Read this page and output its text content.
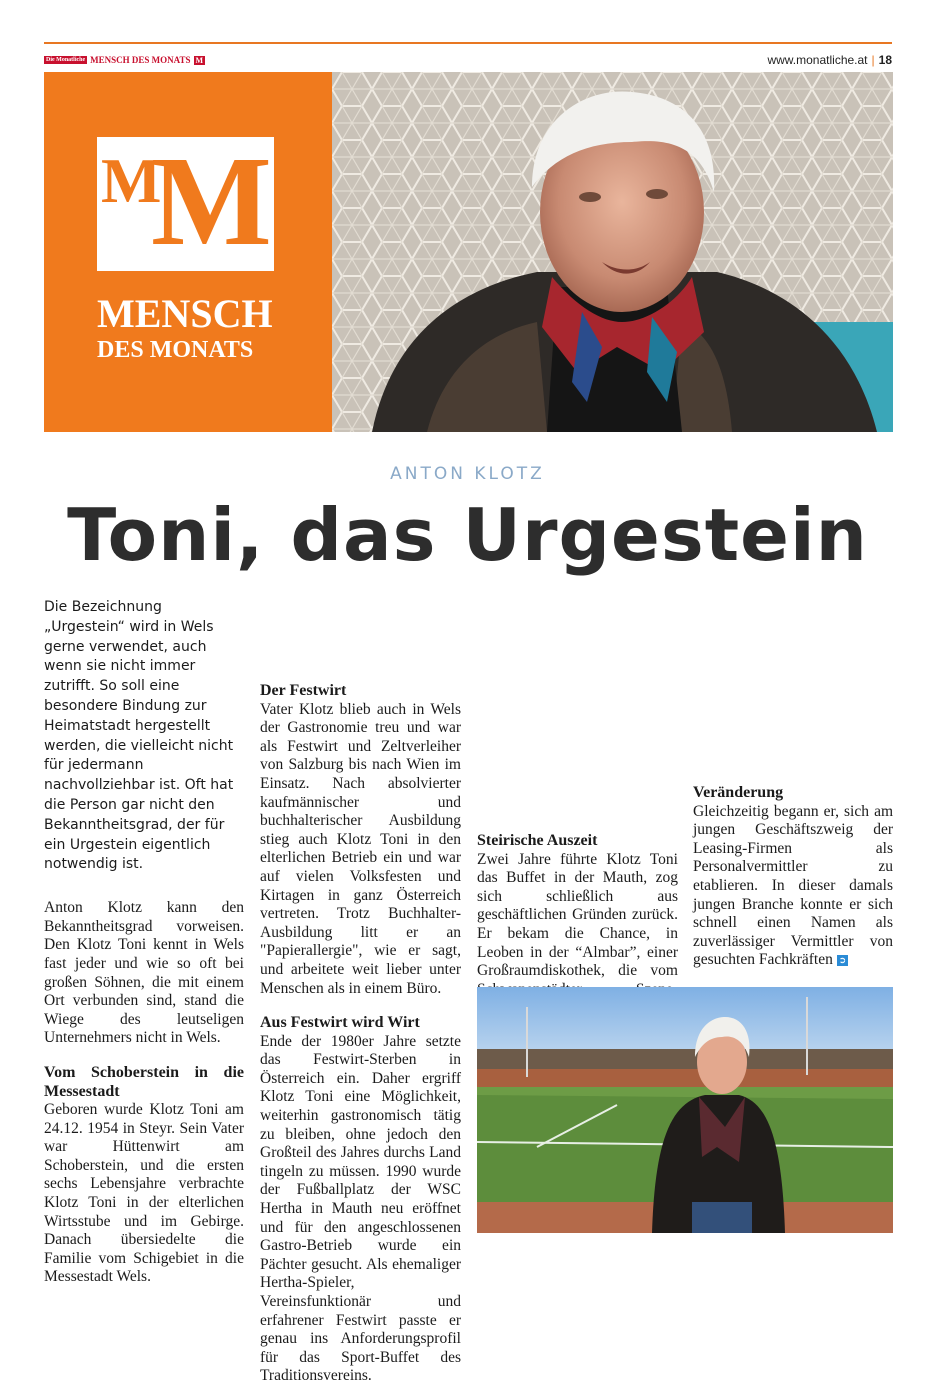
Die Monatliche MENSCH DES MONATS M	www.monatliche.at | 18
M
M
MENSCH
DES MONATS
ANTON KLOTZ
Toni, das Urgestein

Die Bezeichnung „Urgestein“ wird in Wels gerne verwendet, auch wenn sie nicht immer zutrifft. So soll eine besondere Bindung zur Heimatstadt hergestellt werden, die vielleicht nicht für jedermann nachvollziehbar ist. Oft hat die Person gar nicht den Bekanntheitsgrad, der für ein Urgestein eigentlich notwendig ist.

Anton Klotz kann den Bekanntheitsgrad vorweisen. Den Klotz Toni kennt in Wels fast jeder und wie so oft bei großen Söhnen, die mit einem Ort verbunden sind, stand die Wiege des leutseligen Unternehmers nicht in Wels.

Vom Schoberstein in die Messestadt

Geboren wurde Klotz Toni am 24.12. 1954 in Steyr. Sein Vater war Hüttenwirt am Schoberstein, und die ersten sechs Lebensjahre verbrachte Klotz Toni in der elterlichen Wirtsstube und im Gebirge. Danach übersiedelte die Familie vom Schigebiet in die Messestadt Wels.

Der Festwirt

Vater Klotz blieb auch in Wels der Gastronomie treu und war als Festwirt und Zeltverleiher von Salzburg bis nach Wien im Einsatz. Nach absolvierter kaufmännischer und buchhalterischer Ausbildung stieg auch Klotz Toni in den elterlichen Betrieb ein und war auf vielen Volksfesten und Kirtagen in ganz Österreich vertreten. Trotz Buchhalter-Ausbildung litt er an "Papierallergie", wie er sagt, und arbeitete weit lieber unter Menschen als in einem Büro.

Aus Festwirt wird Wirt

Ende der 1980er Jahre setzte das Festwirt-Sterben in Österreich ein. Daher ergriff Klotz Toni eine Möglichkeit, weiterhin gastronomisch tätig zu bleiben, ohne jedoch den Großteil des Jahres durchs Land tingeln zu müssen. 1990 wurde der Fußballplatz der WSC Hertha in Mauth neu eröffnet und für den angeschlossenen Gastro-Betrieb wurde ein Pächter gesucht. Als ehemaliger Hertha-Spieler, Vereinsfunktionär und erfahrener Festwirt passte er genau ins Anforderungsprofil für das Sport-Buffet des Traditionsvereins.

Steirische Auszeit

Zwei Jahre führte Klotz Toni das Buffet in der Mauth, zog sich schließlich aus geschäftlichen Gründen zurück. Er bekam die Chance, in Leoben in der “Almbar”, einer Großraumdiskothek, die vom

Veränderung

Gleichzeitig begann er, sich am jungen Geschäftszweig der Leasing-Firmen als Personalvermittler zu etablieren. In dieser damals jungen Branche konnte er sich schnell einen Namen als zuverlässiger Vermittler von gesuchten Fachkräften ➲
